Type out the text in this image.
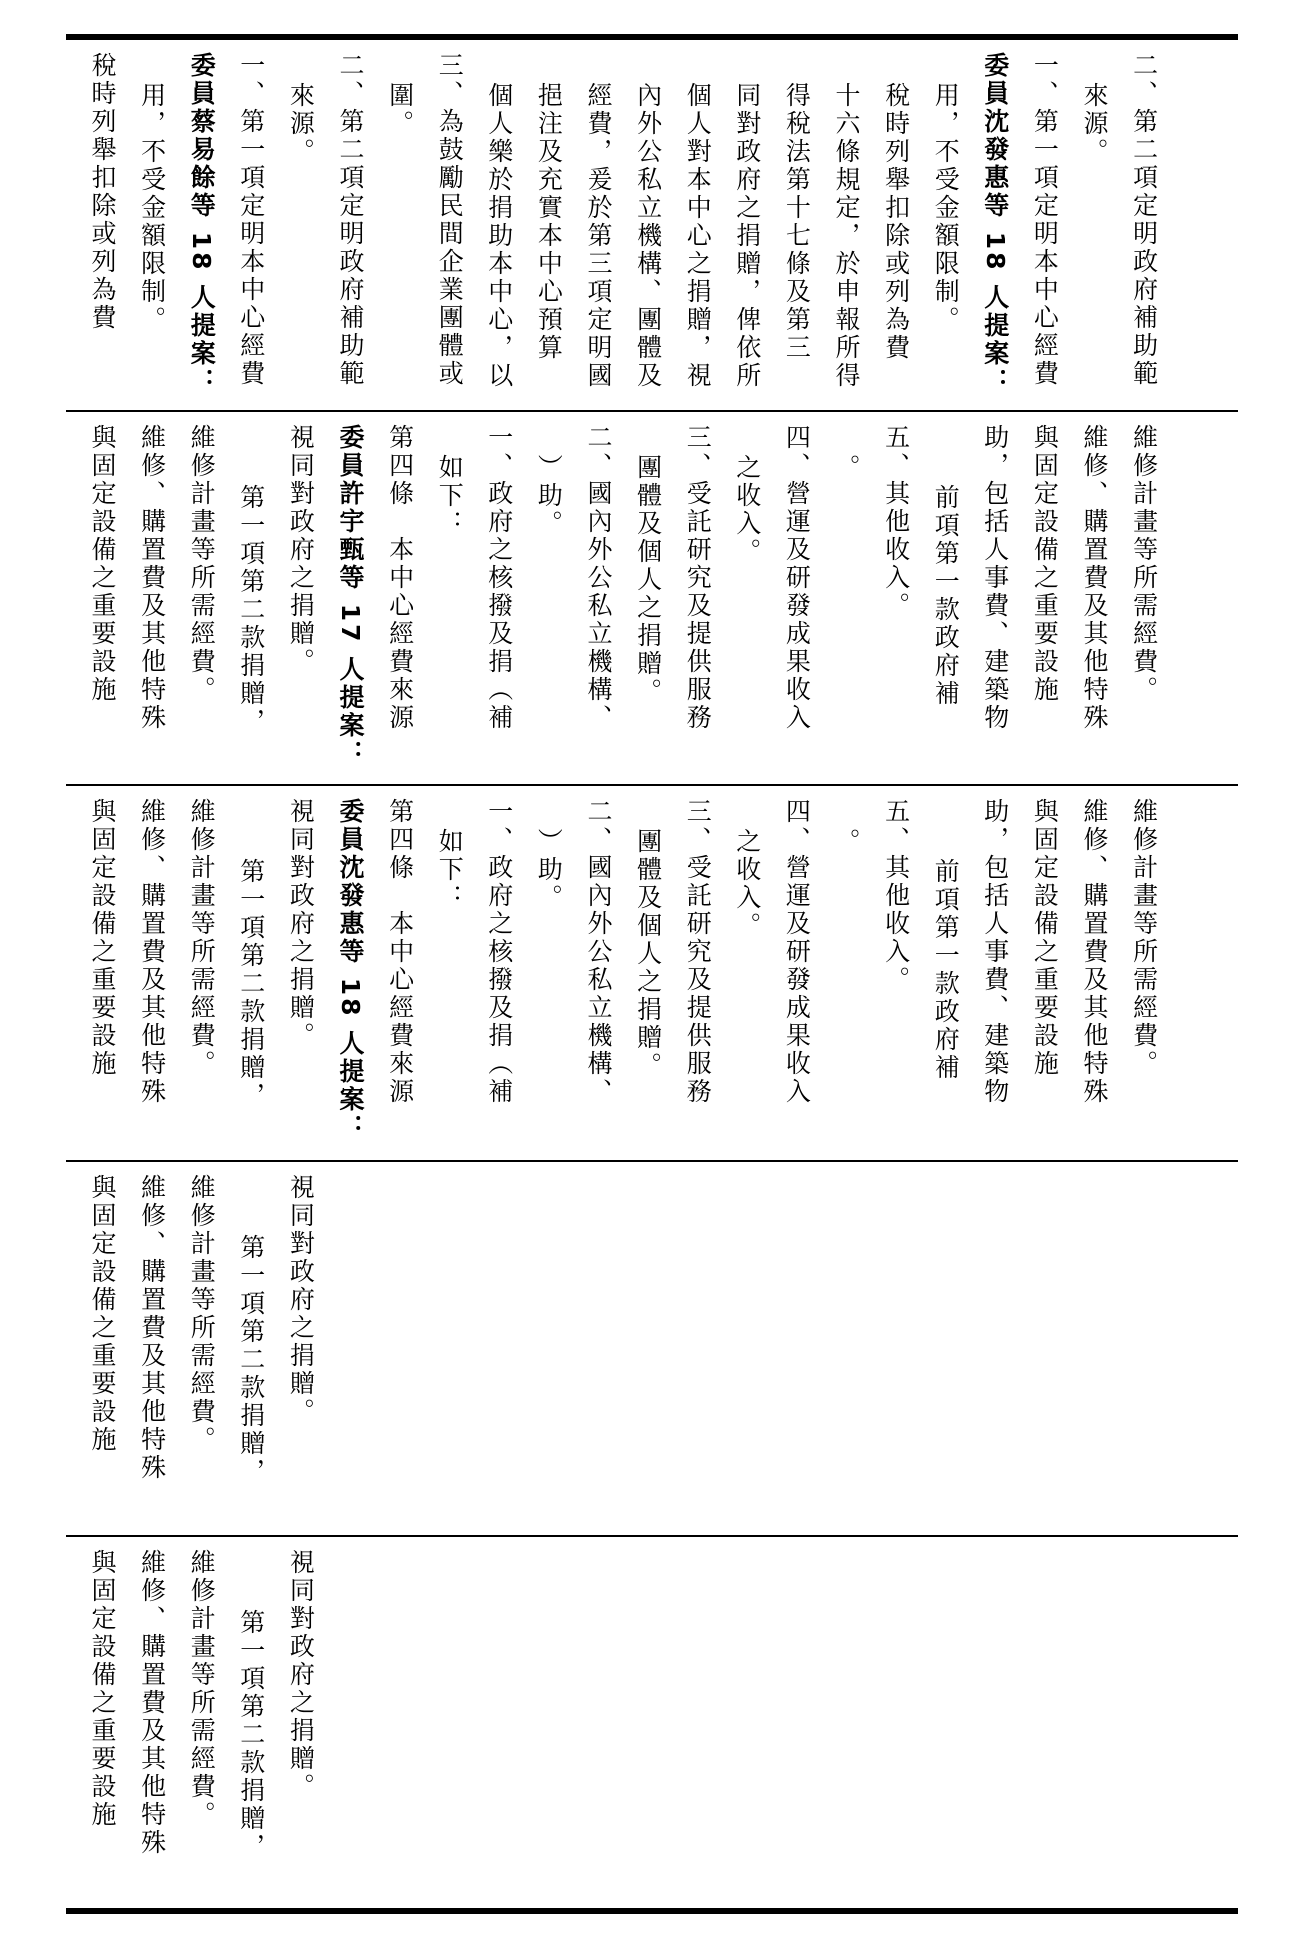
稅時列舉扣除或列為費 用，不受金額限制。 委員蔡易餘等 18 人提案： 一、第一項定明本中心經費 來源。 二、第二項定明政府補助範 圍。 三、為鼓勵民間企業團體或 個人樂於捐助本中心，以 挹注及充實本中心預算 經費，爰於第三項定明國 內外公私立機構、團體及 個人對本中心之捐贈，視 同對政府之捐贈，俾依所 得稅法第十七條及第三 十六條規定，於申報所得 稅時列舉扣除或列為費 用，不受金額限制。 委員沈發惠等 18 人提案： 一、第一項定明本中心經費 來源。 二、第二項定明政府補助範
與固定設備之重要設施 維修、購置費及其他特殊 維修計畫等所需經費。 第一項第二款捐贈， 視同對政府之捐贈。 委員許宇甄等 17 人提案： 第四條　本中心經費來源 如下： 一、政府之核撥及捐（補 ）助。 二、國內外公私立機構、 團體及個人之捐贈。 三、受託研究及提供服務 之收入。 四、營運及研發成果收入 。 五、其他收入。 前項第一款政府補 助，包括人事費、建築物 與固定設備之重要設施 維修、購置費及其他特殊 維修計畫等所需經費。
與固定設備之重要設施 維修、購置費及其他特殊 維修計畫等所需經費。 第一項第二款捐贈， 視同對政府之捐贈。 委員沈發惠等 18 人提案： 第四條　本中心經費來源 如下： 一、政府之核撥及捐（補 ）助。 二、國內外公私立機構、 團體及個人之捐贈。 三、受託研究及提供服務 之收入。 四、營運及研發成果收入 。 五、其他收入。 前項第一款政府補 助，包括人事費、建築物 與固定設備之重要設施 維修、購置費及其他特殊 維修計畫等所需經費。
與固定設備之重要設施 維修、購置費及其他特殊 維修計畫等所需經費。 第一項第二款捐贈， 視同對政府之捐贈。
與固定設備之重要設施 維修、購置費及其他特殊 維修計畫等所需經費。 第一項第二款捐贈， 視同對政府之捐贈。
